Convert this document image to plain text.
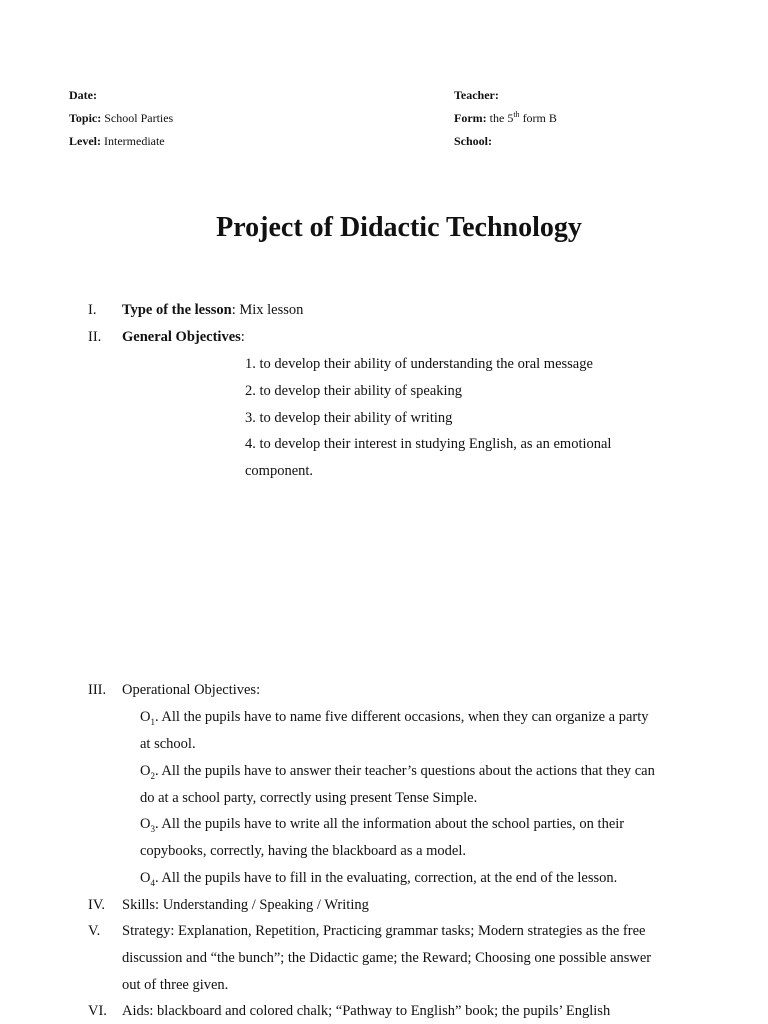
Date:
Topic: School Parties
Level: Intermediate
Teacher:
Form: the 5th form B
School:
Project of Didactic Technology
I. Type of the lesson: Mix lesson
II. General Objectives:
1. to develop their ability of understanding the oral message
2. to develop their ability of speaking
3. to develop their ability of writing
4. to develop their interest in studying English, as an emotional
component.
III. Operational Objectives:
$O_1$. All the pupils have to name five different occasions, when they can organize a party
at school.
$O_2$. All the pupils have to answer their teacher’s questions about the actions that they can
do at a school party, correctly using present Tense Simple.
$O_3$. All the pupils have to write all the information about the school parties, on their
copybooks, correctly, having the blackboard as a model.
$O_4$. All the pupils have to fill in the evaluating, correction, at the end of the lesson.
IV. Skills: Understanding / Speaking / Writing
V. Strategy: Explanation, Repetition, Practicing grammar tasks; Modern strategies as the free
discussion and “the bunch”; the Didactic game; the Reward; Choosing one possible answer
out of three given.
VI. Aids: blackboard and colored chalk; “Pathway to English” book; the pupils’ English
